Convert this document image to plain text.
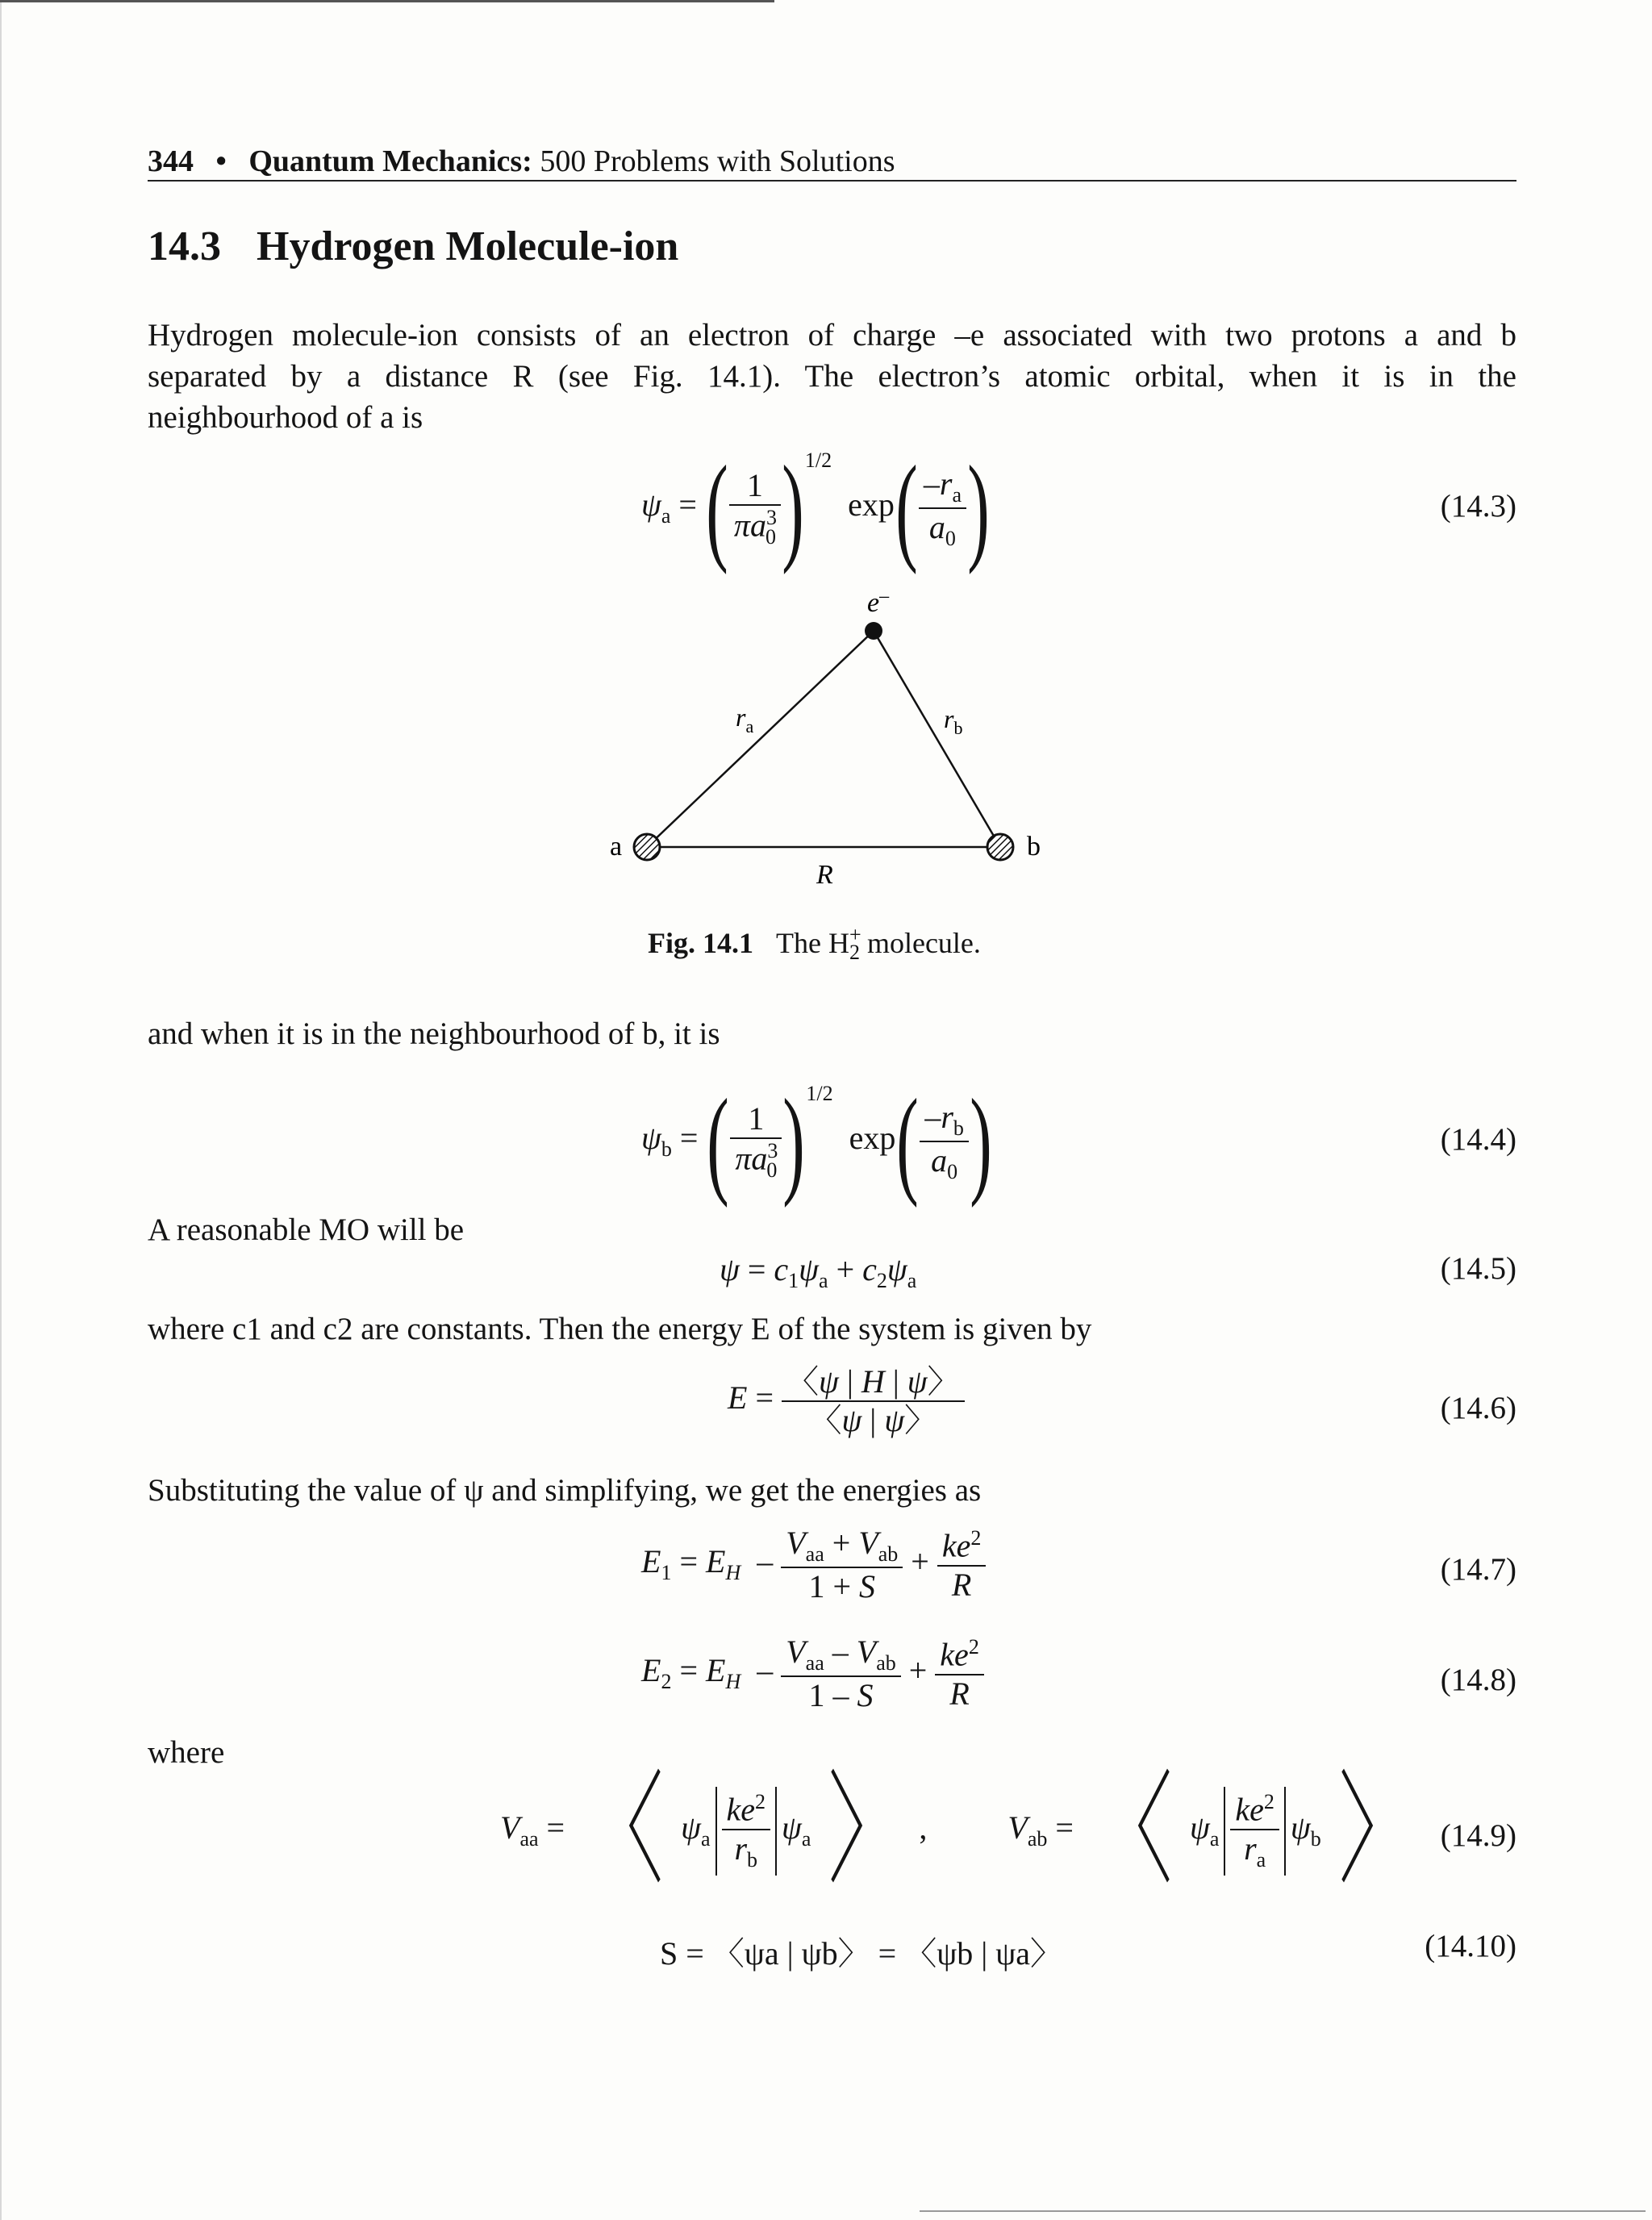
344 • Quantum Mechanics: 500 Problems with Solutions
14.3 Hydrogen Molecule-ion
Hydrogen molecule-ion consists of an electron of charge –e associated with two protons a and b
separated by a distance R (see Fig. 14.1). The electron’s atomic orbital, when it is in the
neighbourhood of a is
$\psi_a$ = ( $\frac{1}{\pi a^3_0} )^{1/2}$  $\exp( \frac{-r_a}{a_0}$ )	(14.3)
e–
$r_a$	$r_b$
a	b
R
Fig. 14.1 The $H_{2 +}$
molecule.
and when it is in the neighbourhood of b, it is
$\psi_b$ = ( $\frac{1}{\pi a^3_0} )^{1/2}$  $\exp( \frac{-r_b}{a_0}$ )	(14.4)
A reasonable MO will be
$\psi = c_1\psi_a + c_2\psi_a$	(14.5)
where c1 and c2 are constants. Then the energy E of the system is given by
$E = \frac{〈\psi | H | \psi〉}{〈\psi | \psi〉}$	(14.6)
Substituting the value of ψ and simplifying, we get the energies as
$E_1 = E_H - \frac{V_{aa} + V_{ab}}{1 + S} + \frac{ke^2}{R}$	(14.7)
$E_2 = E_H - \frac{V_{aa} - V_{ab}}{1 - S} + \frac{ke^2}{R}$	(14.8)
where
$V_{aa}$ = 〈 $\psi_a \frac{ke^2}{r_b} \psi_a$ 〉 ,          $V_{ab}$ = 〈 $\psi_a \frac{ke^2}{r_a} \psi_b$ 〉 (14.9)
S = 〈ψa | ψb〉 = 〈ψb | ψa〉	(14.10)
